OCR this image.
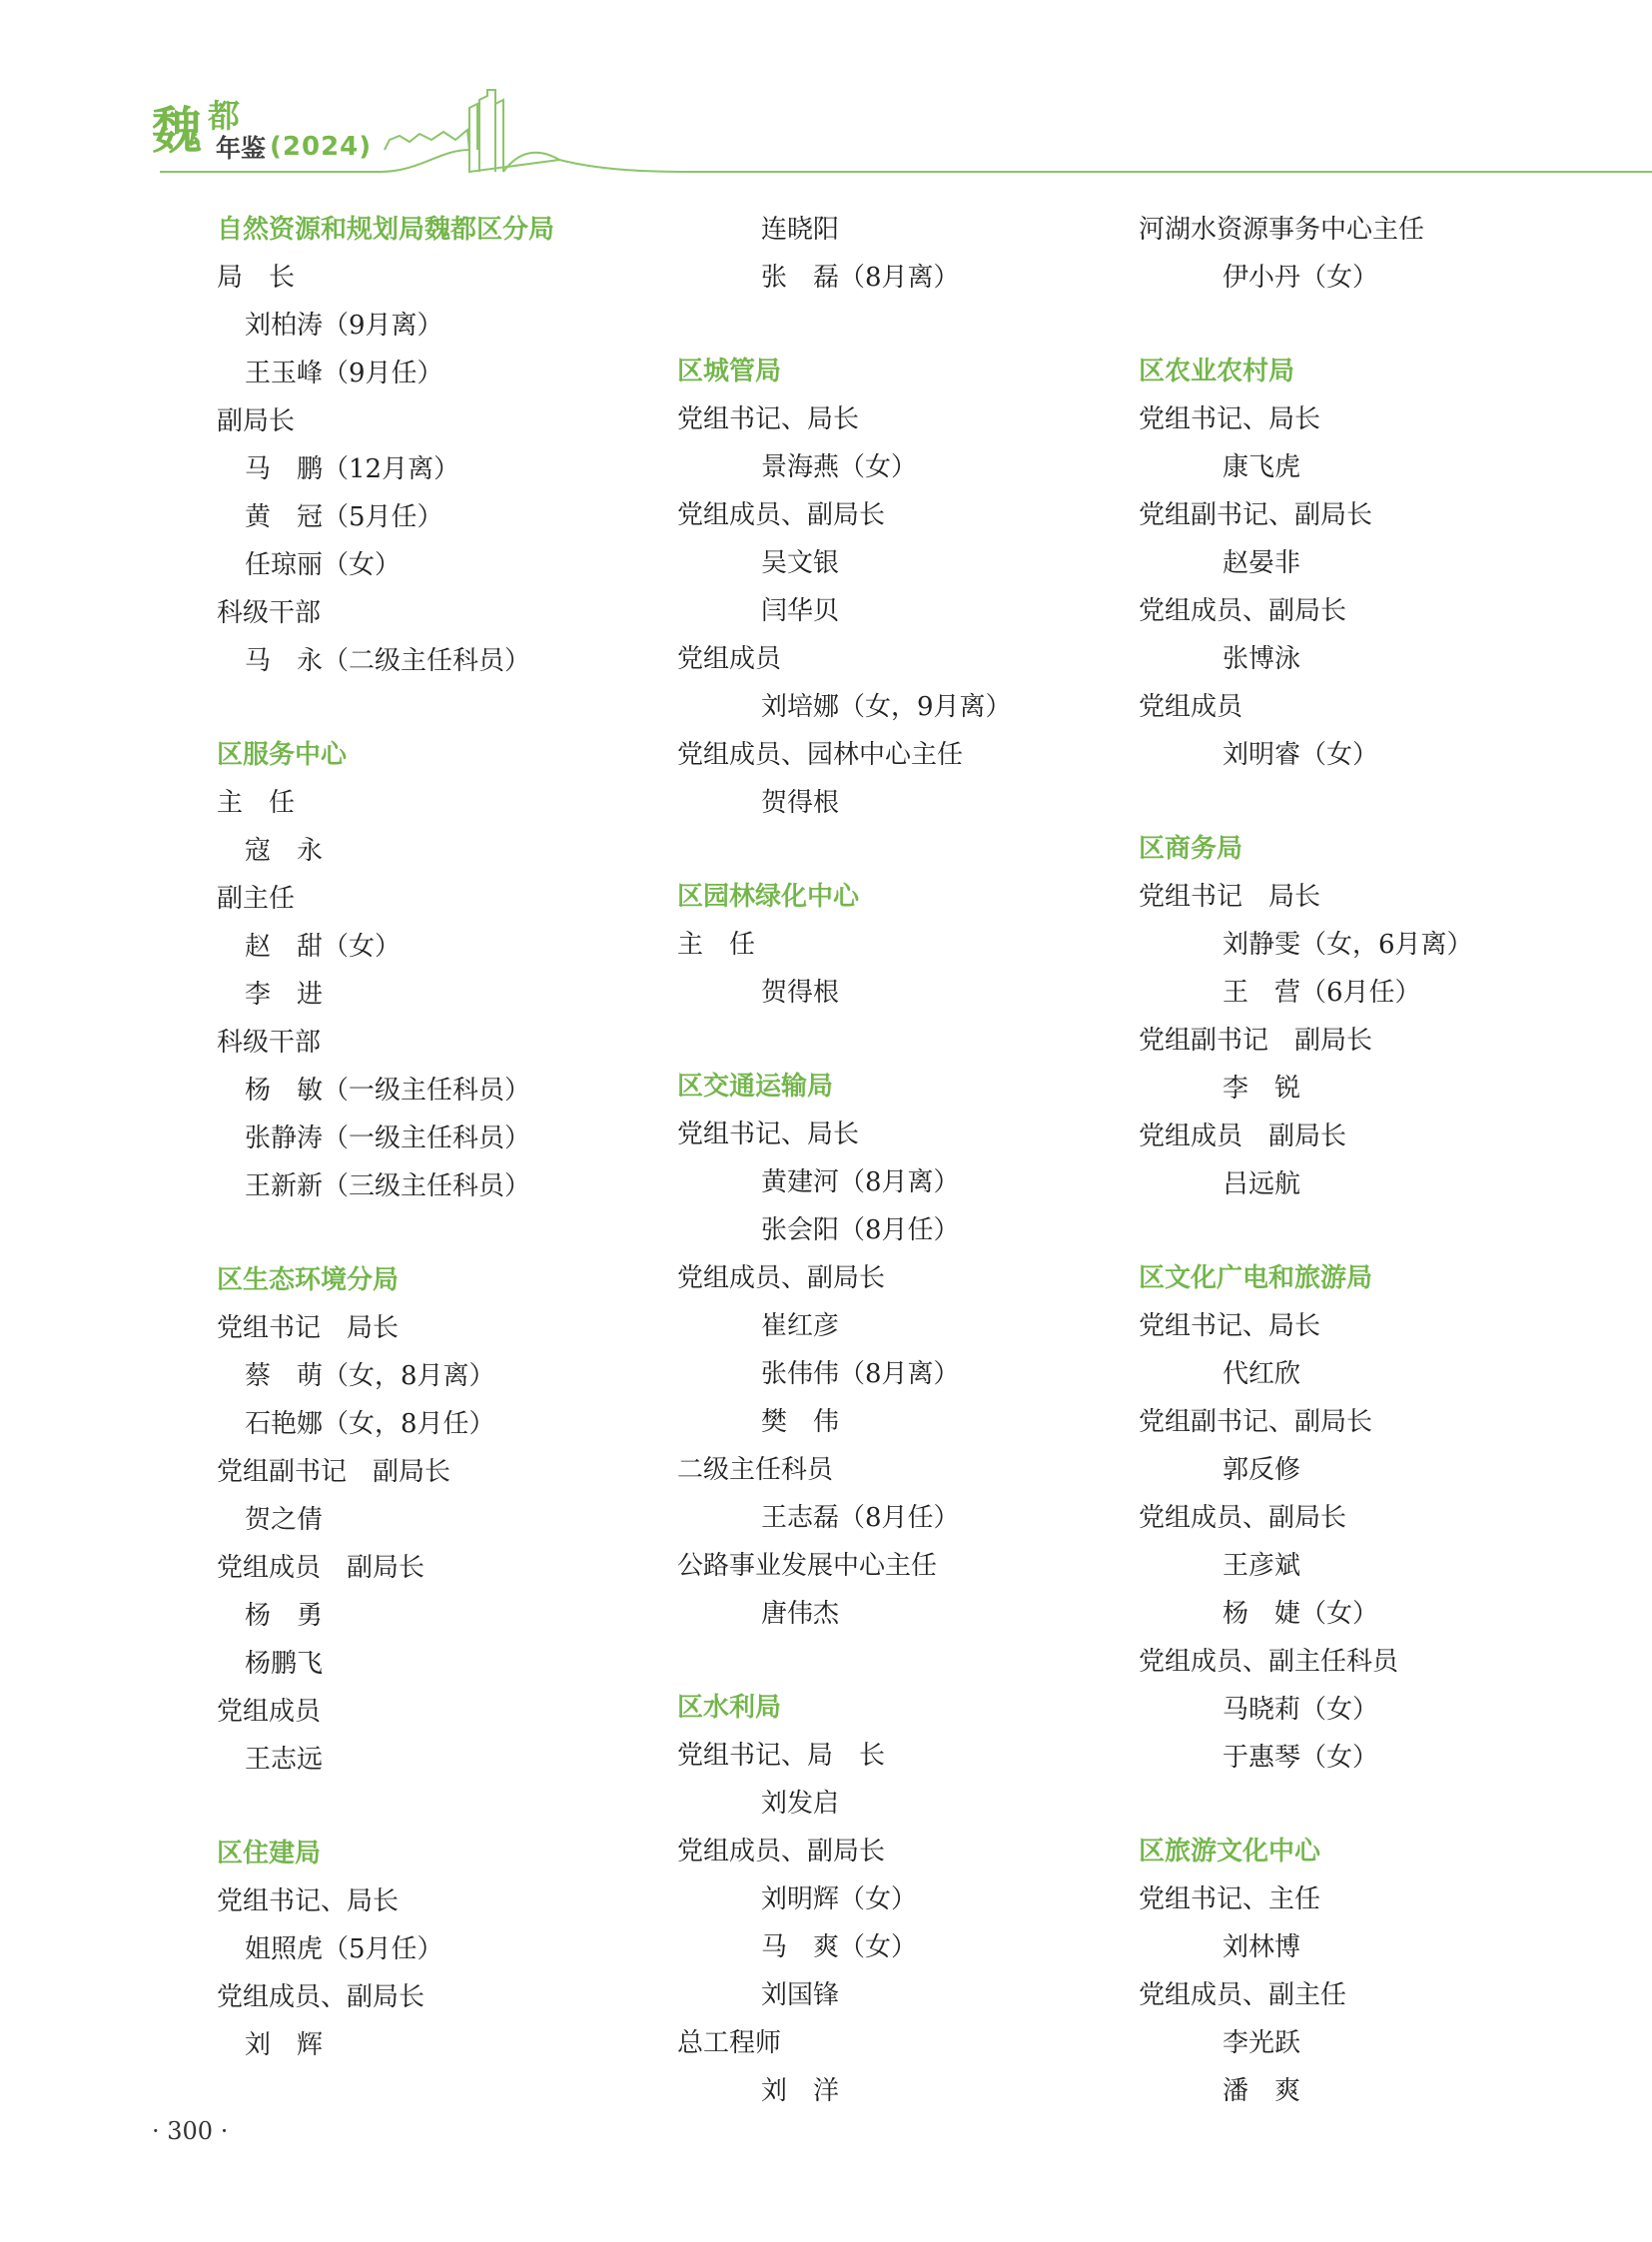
魏 都
年鉴 (2024)
自然资源和规划局魏都区分局
局　长
刘柏涛（9月离）
王玉峰（9月任）
副局长
马　鹏（12月离）
黄　冠（5月任）
任琼丽（女）
科级干部
马　永（二级主任科员）
区服务中心
主　任
寇　永
副主任
赵　甜（女）
李　进
科级干部
杨　敏（一级主任科员）
张静涛（一级主任科员）
王新新（三级主任科员）
区生态环境分局
党组书记　局长
蔡　萌（女，8月离）
石艳娜（女，8月任）
党组副书记　副局长
贺之倩
党组成员　副局长
杨　勇
杨鹏飞
党组成员
王志远
区住建局
党组书记、局长
姐照虎（5月任）
党组成员、副局长
刘　辉
连晓阳
张　磊（8月离）
区城管局
党组书记、局长
景海燕（女）
党组成员、副局长
吴文银
闫华贝
党组成员
刘培娜（女，9月离）
党组成员、园林中心主任
贺得根
区园林绿化中心
主　任
贺得根
区交通运输局
党组书记、局长
黄建河（8月离）
张会阳（8月任）
党组成员、副局长
崔红彦
张伟伟（8月离）
樊　伟
二级主任科员
王志磊（8月任）
公路事业发展中心主任
唐伟杰
区水利局
党组书记、局　长
刘发启
党组成员、副局长
刘明辉（女）
马　爽（女）
刘国锋
总工程师
刘　洋
河湖水资源事务中心主任
伊小丹（女）
区农业农村局
党组书记、局长
康飞虎
党组副书记、副局长
赵晏非
党组成员、副局长
张博泳
党组成员
刘明睿（女）
区商务局
党组书记　局长
刘静雯（女，6月离）
王　营（6月任）
党组副书记　副局长
李　锐
党组成员　副局长
吕远航
区文化广电和旅游局
党组书记、局长
代红欣
党组副书记、副局长
郭反修
党组成员、副局长
王彦斌
杨　婕（女）
党组成员、副主任科员
马晓莉（女）
于惠琴（女）
区旅游文化中心
党组书记、主任
刘林博
党组成员、副主任
李光跃
潘　爽
· 300 ·
